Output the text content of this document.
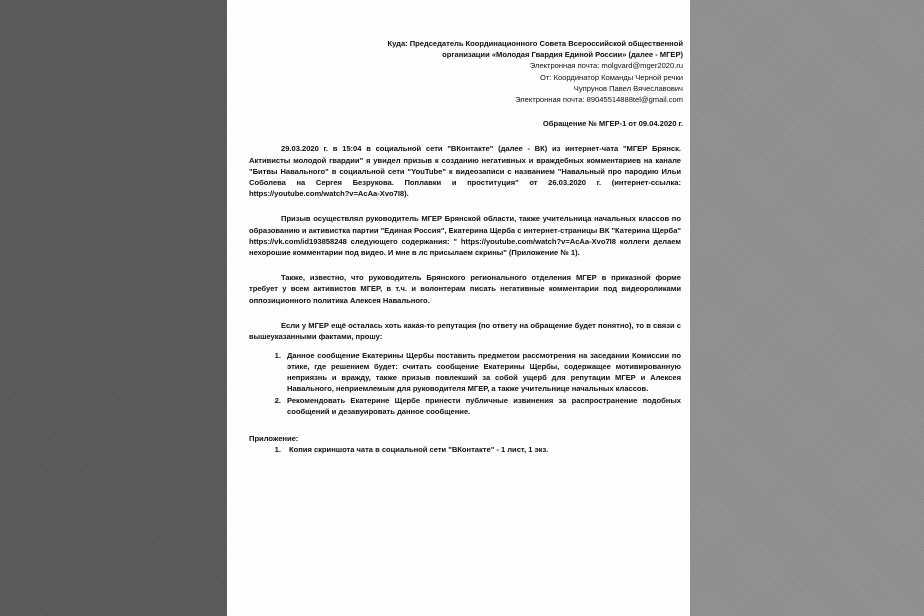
Куда: Председатель Координационного Совета Всероссийской общественной
организации «Молодая Гвардия Единой России» (далее - МГЕР)
Электронная почта: molgvard@mger2020.ru
От: Координатор Команды Черной речки
Чупрунов Павел Вячеславович
Электронная почта: 89045514888tel@gmail.com
Обращение № МГЕР-1 от 09.04.2020 г.

29.03.2020 г. в 15:04 в социальной сети "ВКонтакте" (далее - ВК) из интернет-чата "МГЕР Брянск. Активисты молодой гвардии" я увидел призыв к созданию негативных и враждебных комментариев на канале "Битвы Навального" в социальной сети "YouTube" к видеозаписи с названием "Навальный про пародию Ильи Соболева на Сергея Безрукова. Поплавки и проституция" от 26.03.2020 г. (интернет-ссылка: https://youtube.com/watch?v=AcAa-Xvo7I8).

Призыв осуществлял руководитель МГЕР Брянской области, также учительница начальных классов по образованию и активистка партии "Единая Россия", Екатерина Щерба с интернет-страницы ВК "Катерина Щерба" https://vk.com/id193858248 следующего содержания: " https://youtube.com/watch?v=AcAa-Xvo7I8 коллеги делаем нехорошие комментарии под видео. И мне в лс присылаем скрины" (Приложение № 1).

Также, известно, что руководитель Брянского регионального отделения МГЕР в приказной форме требует у всем активистов МГЕР, в т.ч. и волонтерам писать негативные комментарии под видеороликами оппозиционного политика Алексея Навального.

Если у МГЕР ещё осталась хоть какая-то репутация (по ответу на обращение будет понятно), то в связи с вышеуказанными фактами, прошу:

1. Данное сообщение Екатерины Щербы поставить предметом рассмотрения на заседании Комиссии по этике, где решением будет: считать сообщение Екатерины Щербы, содержащее мотивированную неприязнь и вражду, также призыв повлекший за собой ущерб для репутации МГЕР и Алексея Навального, неприемлемым для руководителя МГЕР, а также учительнице начальных классов.
2. Рекомендовать Екатерине Щербе принести публичные извинения за распространение подобных сообщений и дезавуировать данное сообщение.
Приложение:
1. Копия скриншота чата в социальной сети "ВКонтакте" - 1 лист, 1 экз.
